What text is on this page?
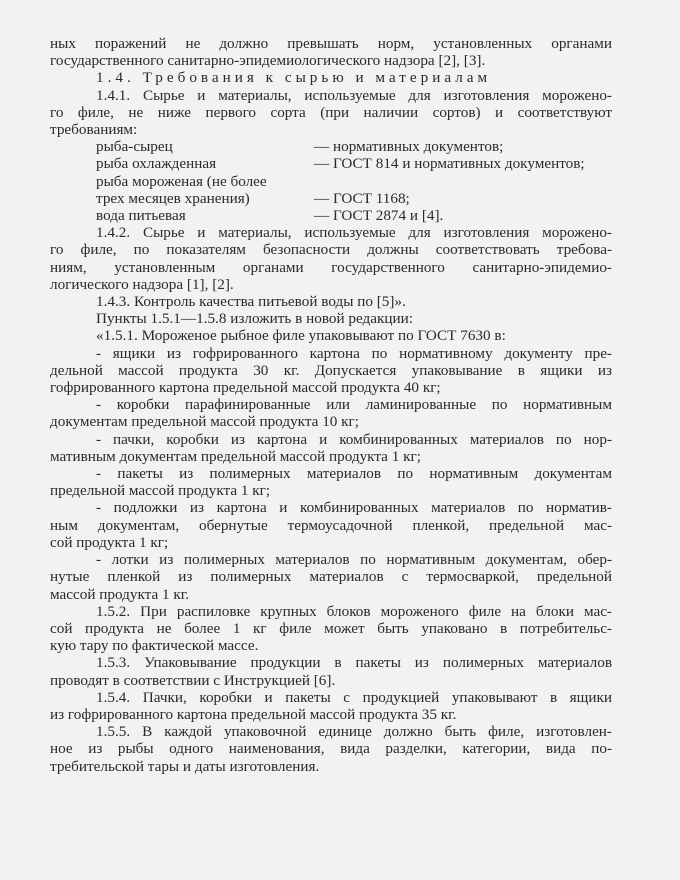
ных поражений не должно превышать норм, установленных органами

государственного санитарно-эпидемиологического надзора [2], [3].

1.4. Требования к сырью и материалам

1.4.1. Сырье и материалы, используемые для изготовления морожено-

го филе, не ниже первого сорта (при наличии сортов) и соответствуют

требованиям:

рыба-сырец	— нормативных документов;
рыба охлажденная	— ГОСТ 814 и нормативных документов;
рыба мороженая (не более	
трех месяцев хранения)	— ГОСТ 1168;
вода питьевая	— ГОСТ 2874 и [4].

1.4.2. Сырье и материалы, используемые для изготовления морожено-

го филе, по показателям безопасности должны соответствовать требова-

ниям, установленным органами государственного санитарно-эпидемио-

логического надзора [1], [2].

1.4.3. Контроль качества питьевой воды по [5]».

Пункты 1.5.1—1.5.8 изложить в новой редакции:

«1.5.1. Мороженое рыбное филе упаковывают по ГОСТ 7630 в:

- ящики из гофрированного картона по нормативному документу пре-

дельной массой продукта 30 кг. Допускается упаковывание в ящики из

гофрированного картона предельной массой продукта 40 кг;

- коробки парафинированные или ламинированные по нормативным

документам предельной массой продукта 10 кг;

- пачки, коробки из картона и комбинированных материалов по нор-

мативным документам предельной массой продукта 1 кг;

- пакеты из полимерных материалов по нормативным документам

предельной массой продукта 1 кг;

- подложки из картона и комбинированных материалов по норматив-

ным документам, обернутые термоусадочной пленкой, предельной мас-

сой продукта 1 кг;

- лотки из полимерных материалов по нормативным документам, обер-

нутые пленкой из полимерных материалов с термосваркой, предельной

массой продукта 1 кг.

1.5.2. При распиловке крупных блоков мороженого филе на блоки мас-

сой продукта не более 1 кг филе может быть упаковано в потребительс-

кую тару по фактической массе.

1.5.3. Упаковывание продукции в пакеты из полимерных материалов

проводят в соответствии с Инструкцией [6].

1.5.4. Пачки, коробки и пакеты с продукцией упаковывают в ящики

из гофрированного картона предельной массой продукта 35 кг.

1.5.5. В каждой упаковочной единице должно быть филе, изготовлен-

ное из рыбы одного наименования, вида разделки, категории, вида по-

требительской тары и даты изготовления.
